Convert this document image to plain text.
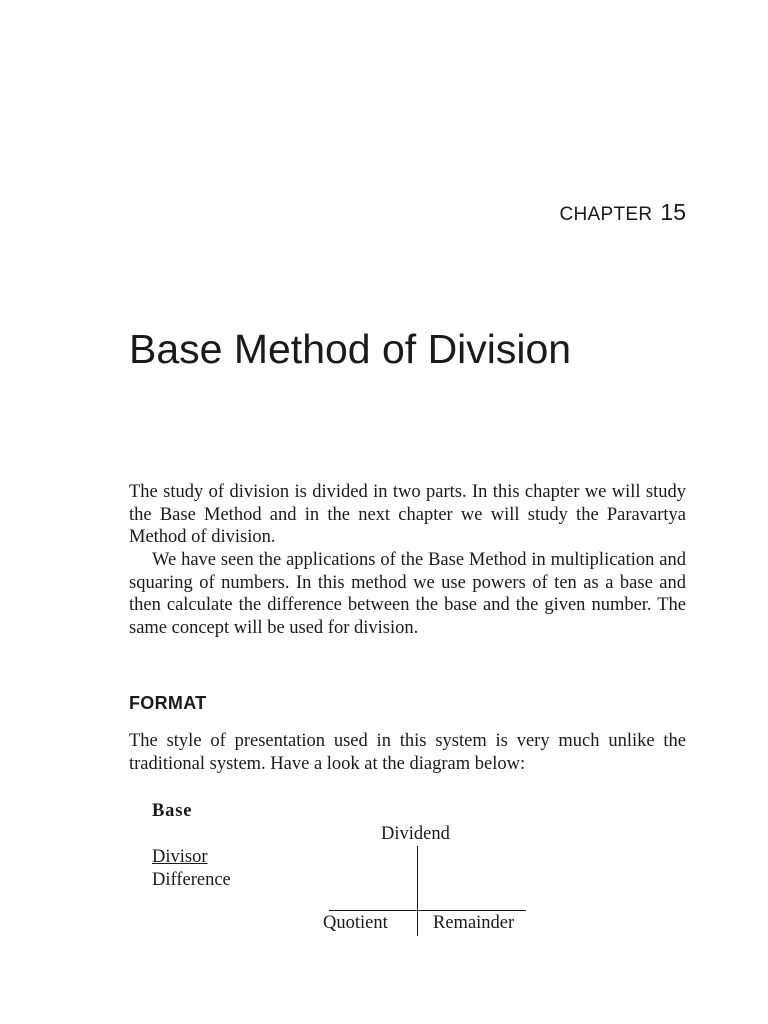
CHAPTER 15
Base Method of Division

The study of division is divided in two parts. In this chapter we will study the Base Method and in the next chapter we will study the Paravartya Method of division.

We have seen the applications of the Base Method in multiplication and squaring of numbers. In this method we use powers of ten as a base and then calculate the difference between the base and the given number. The same concept will be used for division.

FORMAT

The style of presentation used in this system is very much unlike the traditional system. Have a look at the diagram below:

Base
Dividend
Divisor
Difference
Quotient Remainder
